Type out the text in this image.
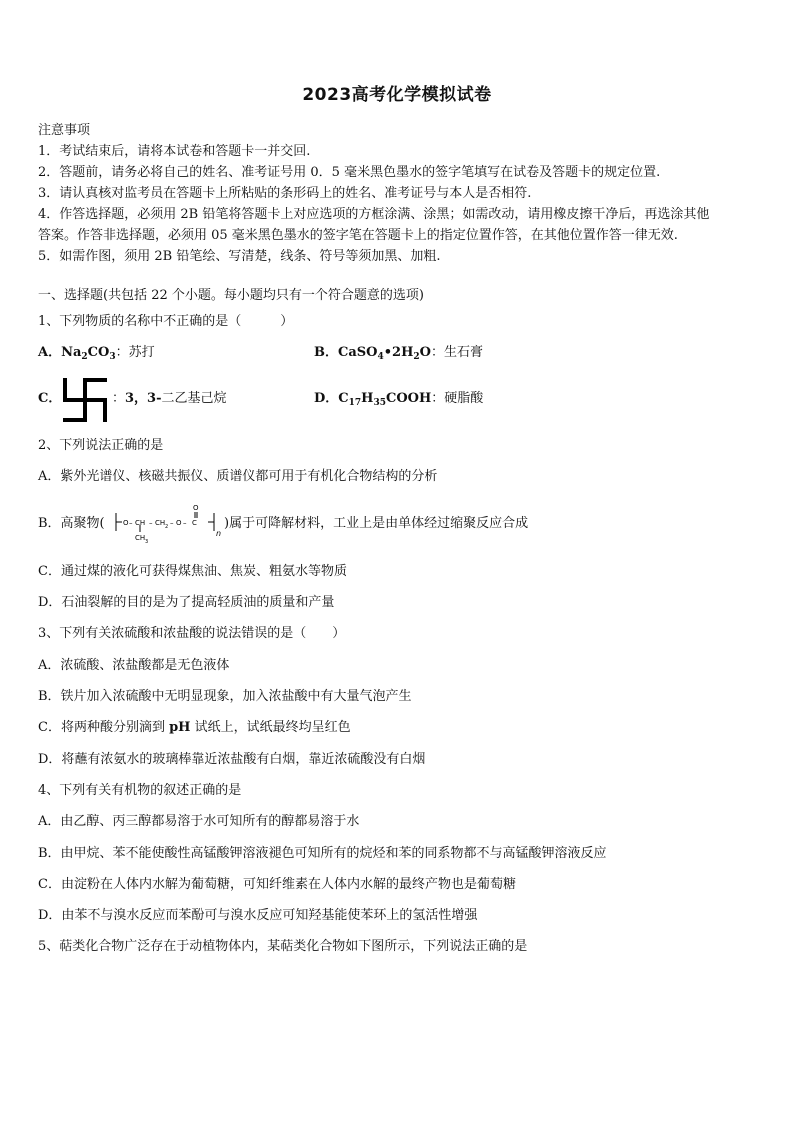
2023高考化学模拟试卷

注意事项

1．考试结束后，请将本试卷和答题卡一并交回.

2．答题前，请务必将自己的姓名、准考证号用 0．5 毫米黑色墨水的签字笔填写在试卷及答题卡的规定位置.

3．请认真核对监考员在答题卡上所粘贴的条形码上的姓名、准考证号与本人是否相符.

4．作答选择题，必须用 2B 铅笔将答题卡上对应选项的方框涂满、涂黑；如需改动，请用橡皮擦干净后，再选涂其他

答案。作答非选择题，必须用 05 毫米黑色墨水的签字笔在答题卡上的指定位置作答，在其他位置作答一律无效.

5．如需作图，须用 2B 铅笔绘、写清楚，线条、符号等须加黑、加粗.

一、选择题(共包括 22 个小题。每小题均只有一个符合题意的选项)
1、下列物质的名称中不正确的是（　　　）
A．$Na_2CO_3$：苏打	B．$CaSO_4•2H_2O$：生石膏
C．	：3，3-二乙基己烷	D．$C_{17}H_{35}COOH$：硬脂酸
2、下列说法正确的是
A．紫外光谱仪、核磁共振仪、质谱仪都可用于有机化合物结构的分析
B．高聚物(	O – CH – CH 2 – O – C
O
CH 3
n
)属于可降解材料，工业上是由单体经过缩聚反应合成
C．通过煤的液化可获得煤焦油、焦炭、粗氨水等物质
D．石油裂解的目的是为了提高轻质油的质量和产量
3、下列有关浓硫酸和浓盐酸的说法错误的是（　　）
A．浓硫酸、浓盐酸都是无色液体
B．铁片加入浓硫酸中无明显现象，加入浓盐酸中有大量气泡产生
C．将两种酸分别滴到 pH 试纸上，试纸最终均呈红色
D．将蘸有浓氨水的玻璃棒靠近浓盐酸有白烟，靠近浓硫酸没有白烟
4、下列有关有机物的叙述正确的是
A．由乙醇、丙三醇都易溶于水可知所有的醇都易溶于水
B．由甲烷、苯不能使酸性高锰酸钾溶液褪色可知所有的烷烃和苯的同系物都不与高锰酸钾溶液反应
C．由淀粉在人体内水解为葡萄糖，可知纤维素在人体内水解的最终产物也是葡萄糖
D．由苯不与溴水反应而苯酚可与溴水反应可知羟基能使苯环上的氢活性增强
5、萜类化合物广泛存在于动植物体内，某萜类化合物如下图所示，下列说法正确的是
